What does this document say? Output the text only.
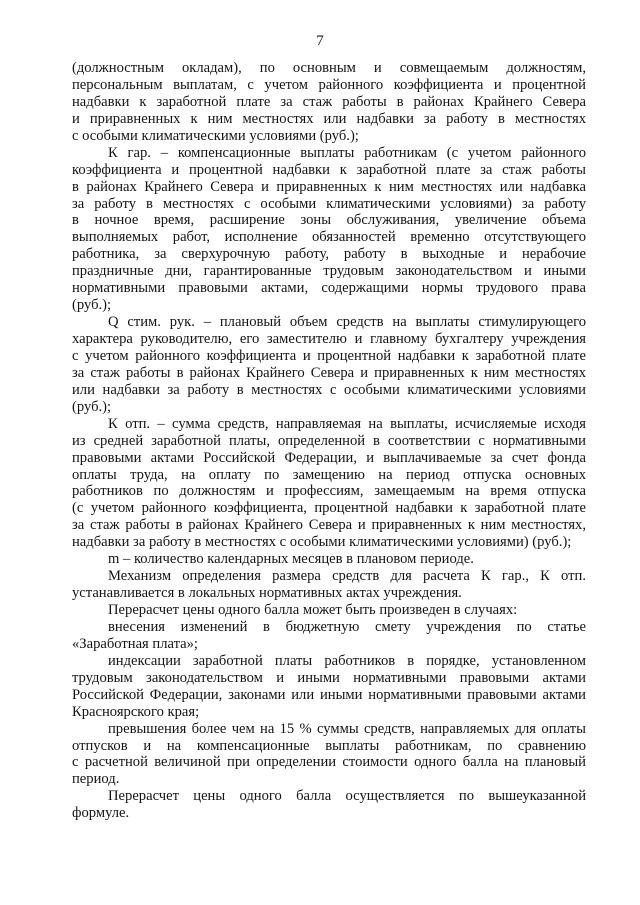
7
(должностным окладам), по основным и совмещаемым должностям,
персональным выплатам, с учетом районного коэффициента и процентной
надбавки к заработной плате за стаж работы в районах Крайнего Севера
и приравненных к ним местностях или надбавки за работу в местностях
с особыми климатическими условиями (руб.);
К гар. – компенсационные выплаты работникам (с учетом районного
коэффициента и процентной надбавки к заработной плате за стаж работы
в районах Крайнего Севера и приравненных к ним местностях или надбавка
за работу в местностях с особыми климатическими условиями) за работу
в ночное время, расширение зоны обслуживания, увеличение объема
выполняемых работ, исполнение обязанностей временно отсутствующего
работника, за сверхурочную работу, работу в выходные и нерабочие
праздничные дни, гарантированные трудовым законодательством и иными
нормативными правовыми актами, содержащими нормы трудового права
(руб.);
Q стим. рук. – плановый объем средств на выплаты стимулирующего
характера руководителю, его заместителю и главному бухгалтеру учреждения
с учетом районного коэффициента и процентной надбавки к заработной плате
за стаж работы в районах Крайнего Севера и приравненных к ним местностях
или надбавки за работу в местностях с особыми климатическими условиями
(руб.);
К отп. – сумма средств, направляемая на выплаты, исчисляемые исходя
из средней заработной платы, определенной в соответствии с нормативными
правовыми актами Российской Федерации, и выплачиваемые за счет фонда
оплаты труда, на оплату по замещению на период отпуска основных
работников по должностям и профессиям, замещаемым на время отпуска
(с учетом районного коэффициента, процентной надбавки к заработной плате
за стаж работы в районах Крайнего Севера и приравненных к ним местностях,
надбавки за работу в местностях с особыми климатическими условиями) (руб.);
m – количество календарных месяцев в плановом периоде.
Механизм определения размера средств для расчета К гар., К отп.
устанавливается в локальных нормативных актах учреждения.
Перерасчет цены одного балла может быть произведен в случаях:
внесения изменений в бюджетную смету учреждения по статье
«Заработная плата»;
индексации заработной платы работников в порядке, установленном
трудовым законодательством и иными нормативными правовыми актами
Российской Федерации, законами или иными нормативными правовыми актами
Красноярского края;
превышения более чем на 15 % суммы средств, направляемых для оплаты
отпусков и на компенсационные выплаты работникам, по сравнению
с расчетной величиной при определении стоимости одного балла на плановый
период.
Перерасчет цены одного балла осуществляется по вышеуказанной
формуле.
